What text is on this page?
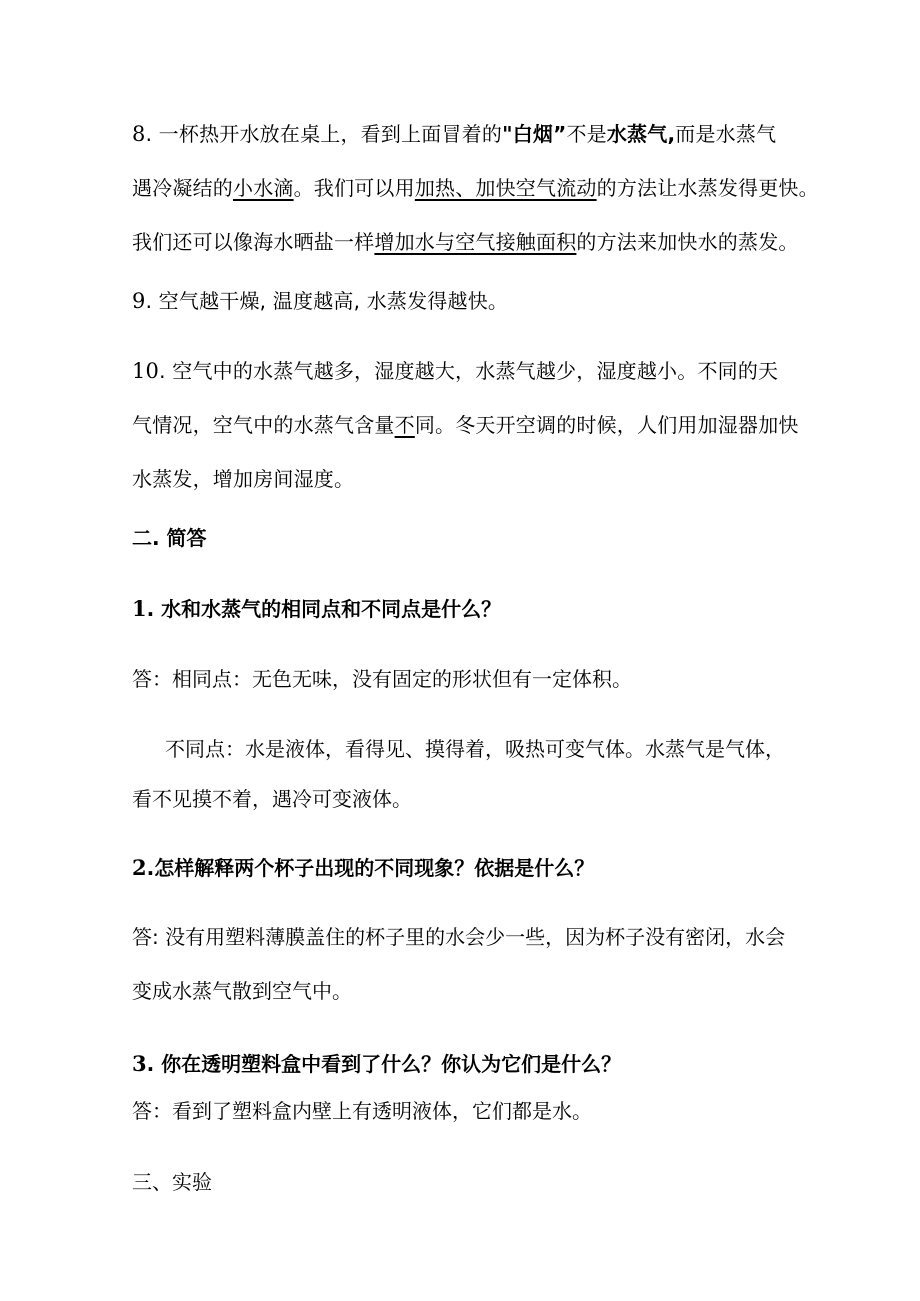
8. 一杯热开水放在桌上，看到上面冒着的"白烟”不是水蒸气,而是水蒸气
遇冷凝结的小水滴。我们可以用加热、加快空气流动的方法让水蒸发得更快。
我们还可以像海水晒盐一样增加水与空气接触面积的方法来加快水的蒸发。
9. 空气越干燥, 温度越高, 水蒸发得越快。
10. 空气中的水蒸气越多，湿度越大，水蒸气越少，湿度越小。不同的天
气情况，空气中的水蒸气含量不同。冬天开空调的时候，人们用加湿器加快
水蒸发，增加房间湿度。
二. 简答
1. 水和水蒸气的相同点和不同点是什么？
答：相同点：无色无味，没有固定的形状但有一定体积。
不同点：水是液体，看得见、摸得着，吸热可变气体。水蒸气是气体，
看不见摸不着，遇冷可变液体。
2.怎样解释两个杯子出现的不同现象？依据是什么？
答: 没有用塑料薄膜盖住的杯子里的水会少一些，因为杯子没有密闭，水会
变成水蒸气散到空气中。
3. 你在透明塑料盒中看到了什么？你认为它们是什么？
答：看到了塑料盒内壁上有透明液体，它们都是水。
三、实验
